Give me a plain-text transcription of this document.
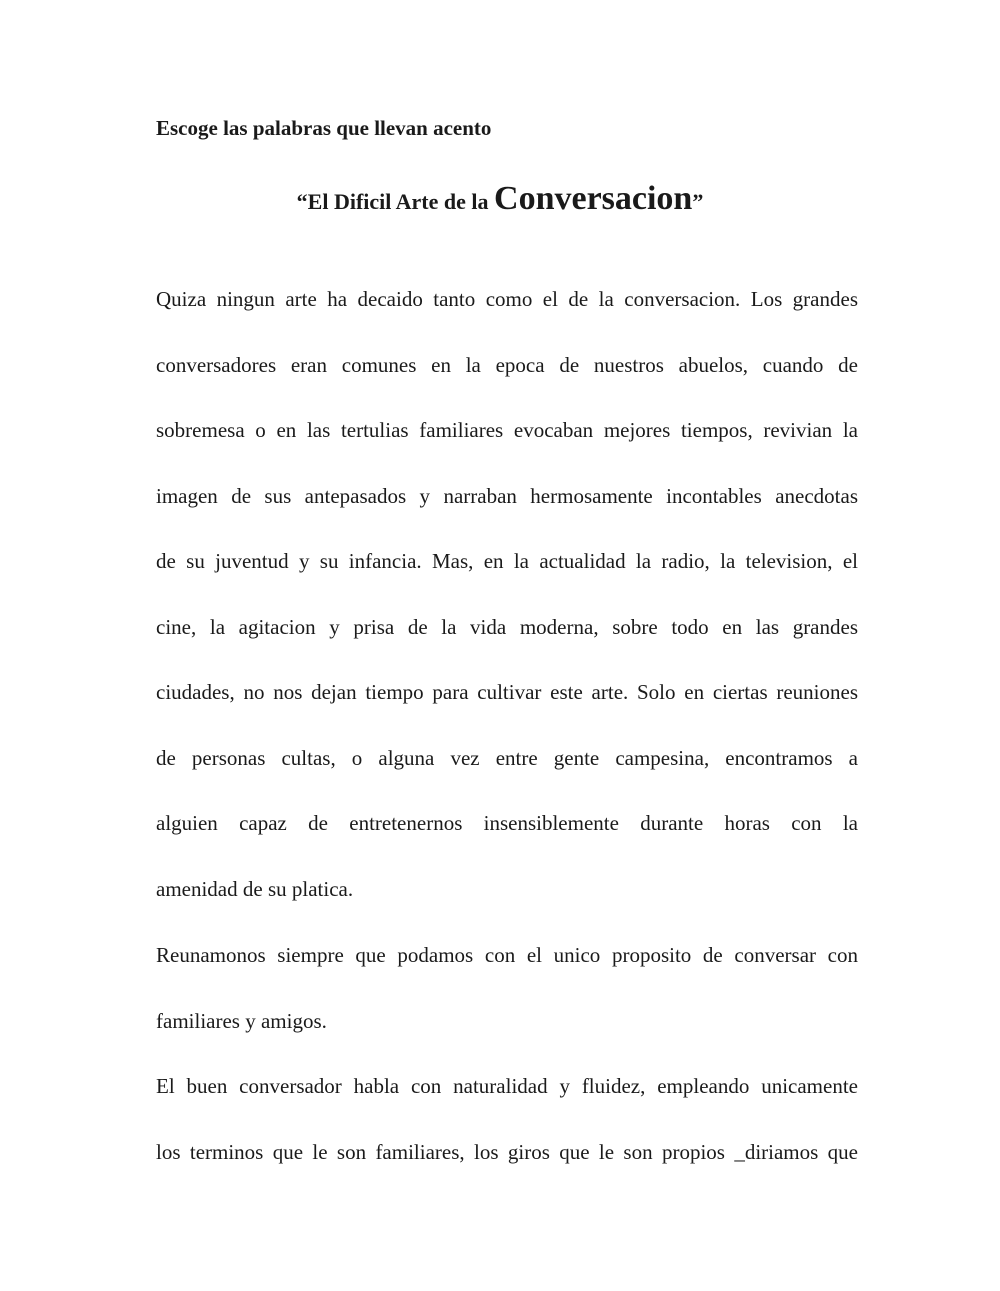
Escoge las palabras que llevan acento

“El Dificil Arte de la Conversacion”

Quiza ningun arte ha decaido tanto como el de la conversacion. Los grandes

conversadores eran comunes en la epoca de nuestros abuelos, cuando de

sobremesa o en las tertulias familiares evocaban mejores tiempos, revivian la

imagen de sus antepasados y narraban hermosamente incontables anecdotas

de su juventud y su infancia. Mas, en la actualidad la radio, la television, el

cine, la agitacion y prisa de la vida moderna, sobre todo en las grandes

ciudades, no nos dejan tiempo para cultivar este arte. Solo en ciertas reuniones

de personas cultas, o alguna vez entre gente campesina, encontramos a

alguien capaz de entretenernos insensiblemente durante horas con la

amenidad de su platica.

Reunamonos siempre que podamos con el unico proposito de conversar con

familiares y amigos.

El buen conversador habla con naturalidad y fluidez, empleando unicamente

los terminos que le son familiares, los giros que le son propios _diriamos que
